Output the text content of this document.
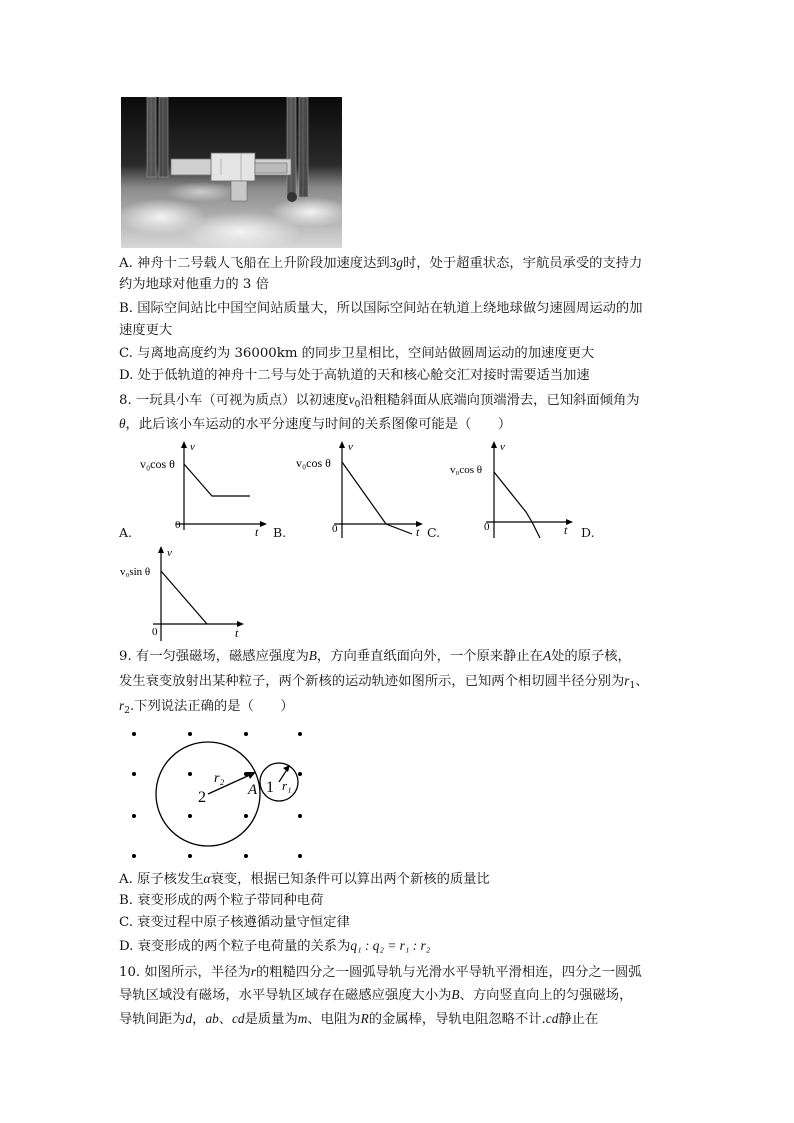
A. 神舟十二号载人飞船在上升阶段加速度达到3g时，处于超重状态，宇航员承受的支持力
约为地球对他重力的 3 倍
B. 国际空间站比中国空间站质量大，所以国际空间站在轨道上绕地球做匀速圆周运动的加
速度更大
C. 与离地高度约为 36000km 的同步卫星相比，空间站做圆周运动的加速度更大
D. 处于低轨道的神舟十二号与处于高轨道的天和核心舱交汇对接时需要适当加速
8. 一玩具小车（可视为质点）以初速度$v_0$沿粗糙斜面从底端向顶端滑去，已知斜面倾角为
θ，此后该小车运动的水平分速度与时间的关系图像可能是（　　）
v
v₀cos θ
0	t
A.
v
v₀cos θ
0	t
B.
v
v₀cos θ
0	t
C.	D.
v
v₀sin θ
0	t
9. 有一匀强磁场，磁感应强度为B，方向垂直纸面向外，一个原来静止在A处的原子核，
发生衰变放射出某种粒子，两个新核的运动轨迹如图所示，已知两个相切圆半径分别为$r_1$、
$r_2$.下列说法正确的是（　　）
r₂
2	A 1 r₁
A. 原子核发生α衰变，根据已知条件可以算出两个新核的质量比
B. 衰变形成的两个粒子带同种电荷
C. 衰变过程中原子核遵循动量守恒定律
D. 衰变形成的两个粒子电荷量的关系为q₁ : q₂ = r₁ : r₂
10. 如图所示，半径为r的粗糙四分之一圆弧导轨与光滑水平导轨平滑相连，四分之一圆弧
导轨区域没有磁场，水平导轨区域存在磁感应强度大小为B、方向竖直向上的匀强磁场，
导轨间距为d，ab、cd是质量为m、电阻为R的金属棒，导轨电阻忽略不计.cd静止在
